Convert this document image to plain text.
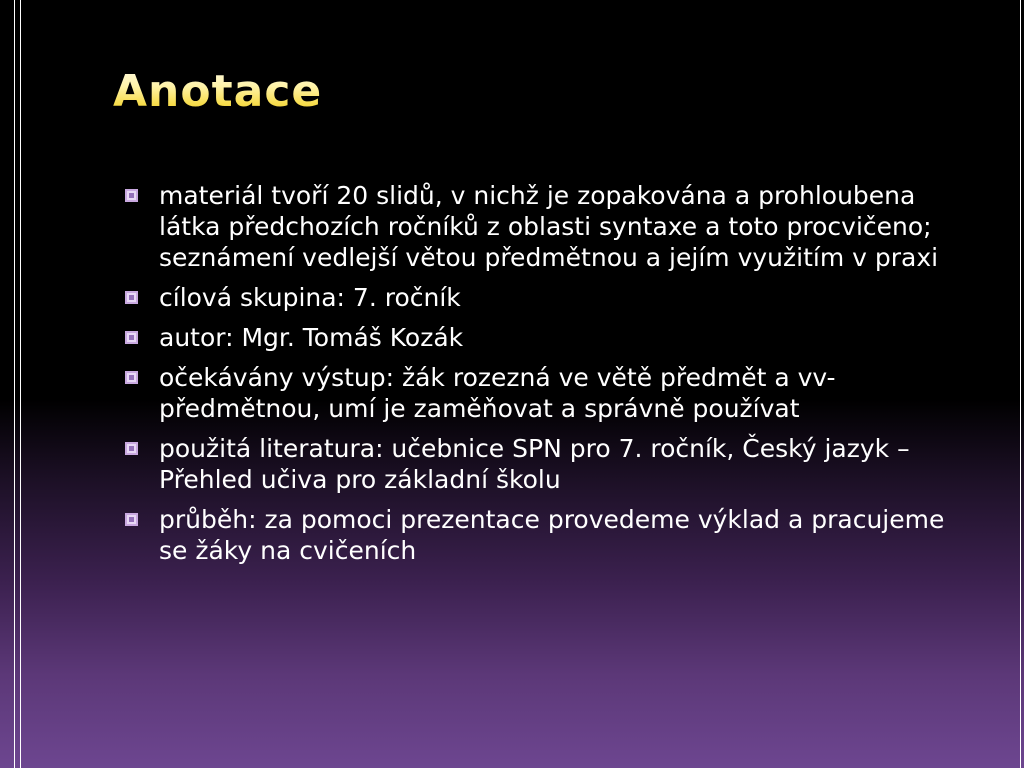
Anotace
materiál tvoří 20 slidů, v nichž je zopakována a prohloubena látka předchozích ročníků z oblasti syntaxe a toto procvičeno; seznámení vedlejší větou předmětnou a jejím využitím v praxi
cílová skupina: 7. ročník
autor: Mgr. Tomáš Kozák
očekávány výstup: žák rozezná ve větě předmět a vv-předmětnou, umí je zaměňovat a správně používat
použitá literatura: učebnice SPN pro 7. ročník, Český jazyk – Přehled učiva pro základní školu
průběh: za pomoci prezentace provedeme výklad a pracujeme se žáky na cvičeních
